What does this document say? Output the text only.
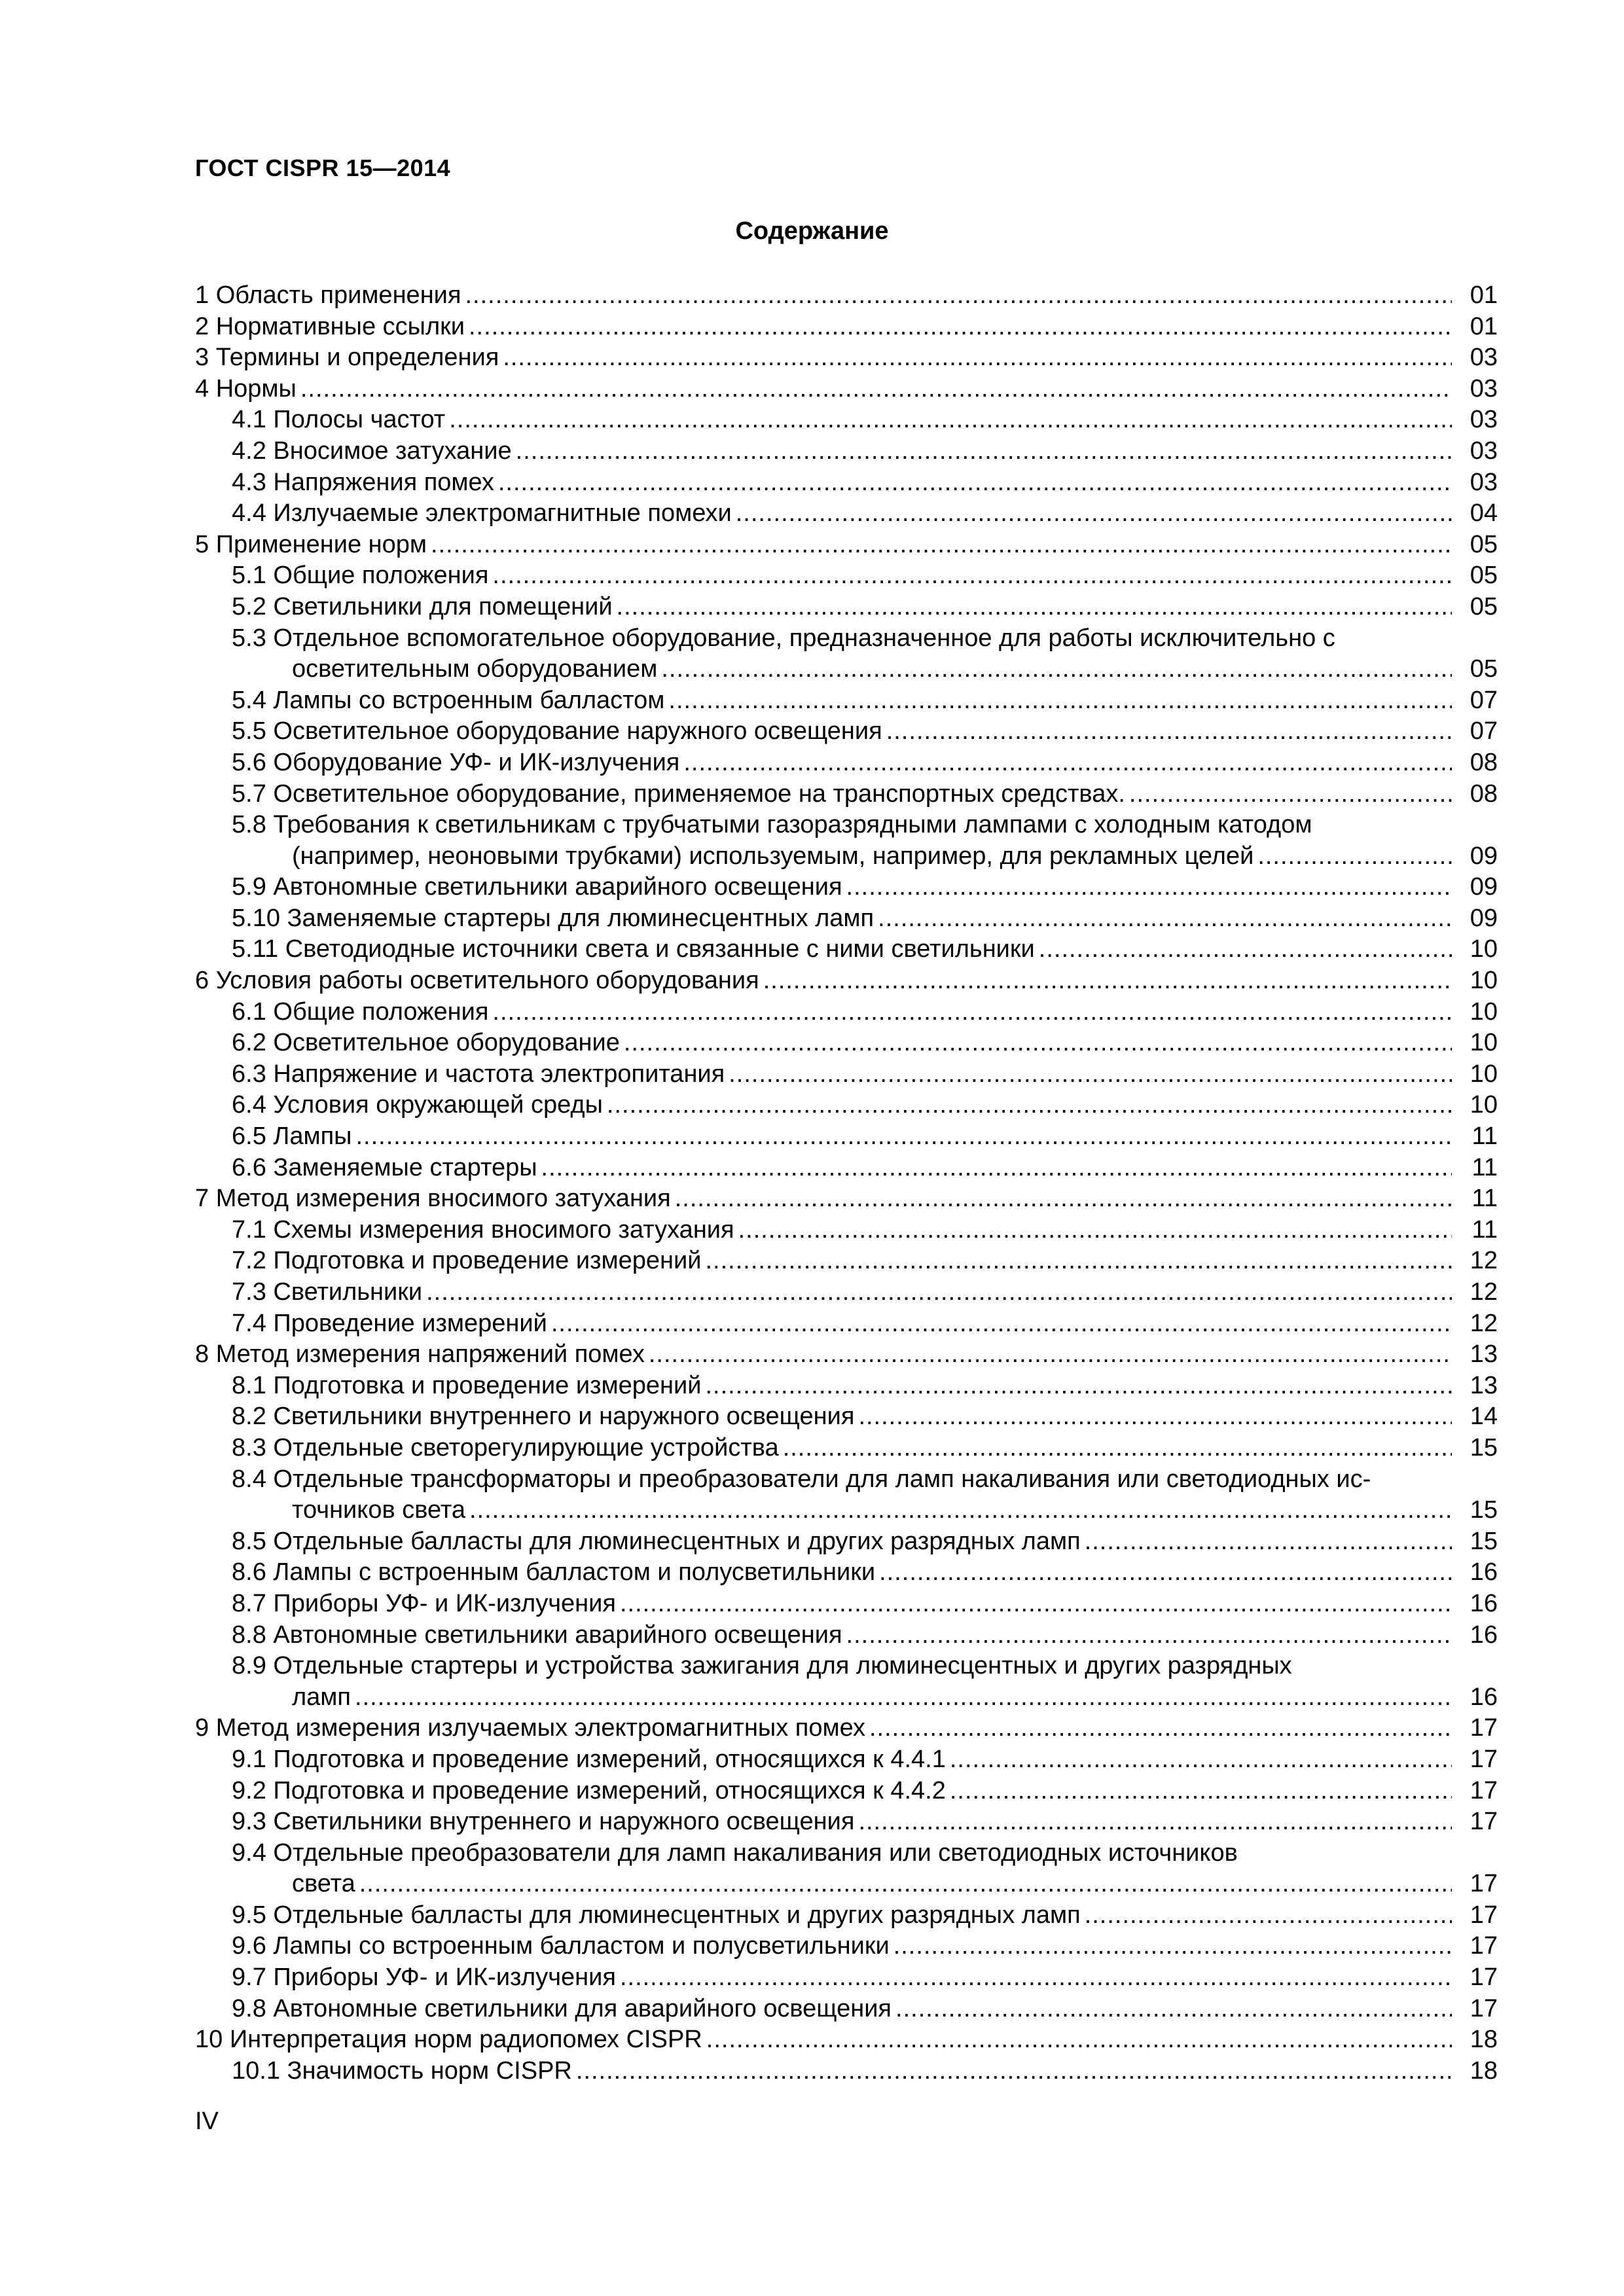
ГОСТ CISPR 15—2014
Содержание
1 Область применения .....	01
2 Нормативные ссылки .....	01
3 Термины и определения .....	03
4 Нормы .....	03
4.1 Полосы частот .....	03
4.2 Вносимое затухание .....	03
4.3 Напряжения помех .....	03
4.4 Излучаемые электромагнитные помехи .....	04
5 Применение норм .....	05
5.1 Общие положения .....	05
5.2 Светильники для помещений .....	05
5.3 Отдельное вспомогательное оборудование, предназначенное для работы исключительно с
осветительным оборудованием .....	05
5.4 Лампы со встроенным балластом .....	07
5.5 Осветительное оборудование наружного освещения .....	07
5.6 Оборудование УФ- и ИК-излучения .....	08
5.7 Осветительное оборудование, применяемое на транспортных средствах. .....	08
5.8 Требования к светильникам с трубчатыми газоразрядными лампами с холодным катодом
(например, неоновыми трубками) используемым, например, для рекламных целей .....	09
5.9 Автономные светильники аварийного освещения .....	09
5.10 Заменяемые стартеры для люминесцентных ламп .....	09
5.11 Светодиодные источники света и связанные с ними светильники .....	10
6 Условия работы осветительного оборудования .....	10
6.1 Общие положения .....	10
6.2 Осветительное оборудование .....	10
6.3 Напряжение и частота электропитания .....	10
6.4 Условия окружающей среды .....	10
6.5 Лампы .....	11
6.6 Заменяемые стартеры .....	11
7 Метод измерения вносимого затухания .....	11
7.1 Схемы измерения вносимого затухания .....	11
7.2 Подготовка и проведение измерений .....	12
7.3 Светильники .....	12
7.4 Проведение измерений .....	12
8 Метод измерения напряжений помех .....	13
8.1 Подготовка и проведение измерений .....	13
8.2 Светильники внутреннего и наружного освещения .....	14
8.3 Отдельные светорегулирующие устройства .....	15
8.4 Отдельные трансформаторы и преобразователи для ламп накаливания или светодиодных ис-
точников света .....	15
8.5 Отдельные балласты для люминесцентных и других разрядных ламп .....	15
8.6 Лампы с встроенным балластом и полусветильники .....	16
8.7 Приборы УФ- и ИК-излучения .....	16
8.8 Автономные светильники аварийного освещения .....	16
8.9 Отдельные стартеры и устройства зажигания для люминесцентных и других разрядных
ламп .....	16
9 Метод измерения излучаемых электромагнитных помех .....	17
9.1 Подготовка и проведение измерений, относящихся к 4.4.1 .....	17
9.2 Подготовка и проведение измерений, относящихся к 4.4.2 .....	17
9.3 Светильники внутреннего и наружного освещения .....	17
9.4 Отдельные преобразователи для ламп накаливания или светодиодных источников
света .....	17
9.5 Отдельные балласты для люминесцентных и других разрядных ламп .....	17
9.6 Лампы со встроенным балластом и полусветильники .....	17
9.7 Приборы УФ- и ИК-излучения .....	17
9.8 Автономные светильники для аварийного освещения .....	17
10 Интерпретация норм радиопомех CISPR .....	18
10.1 Значимость норм CISPR .....	18
IV
